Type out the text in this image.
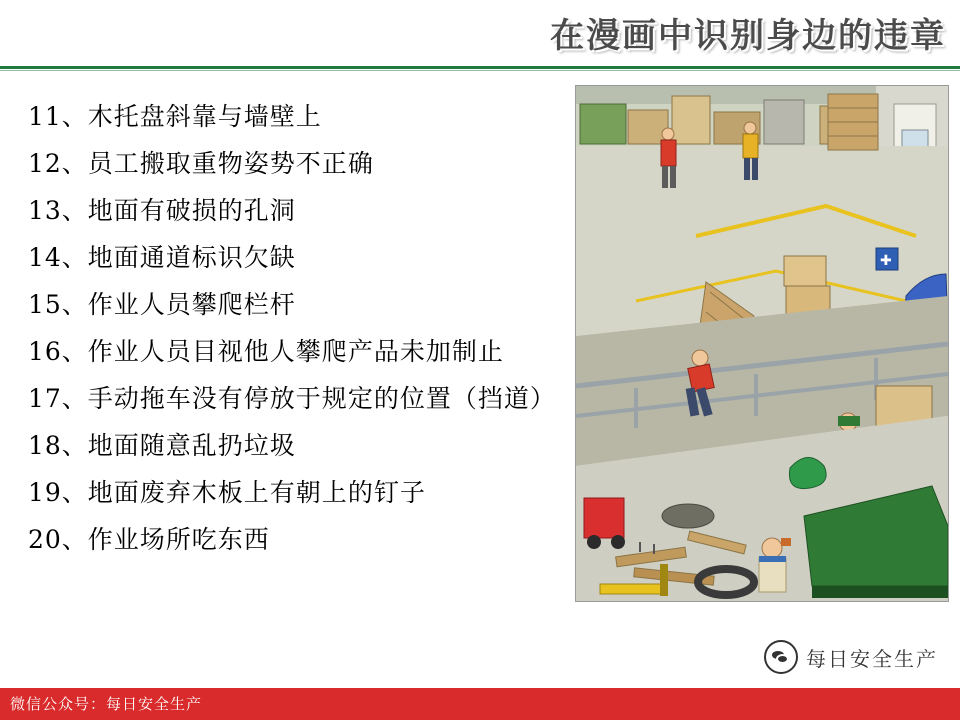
在漫画中识别身边的违章
11、木托盘斜靠与墙壁上
12、员工搬取重物姿势不正确
13、地面有破损的孔洞
14、地面通道标识欠缺
15、作业人员攀爬栏杆
16、作业人员目视他人攀爬产品未加制止
17、手动拖车没有停放于规定的位置（挡道）
18、地面随意乱扔垃圾
19、地面废弃木板上有朝上的钉子
20、作业场所吃东西
✚
每日安全生产
微信公众号：每日安全生产
